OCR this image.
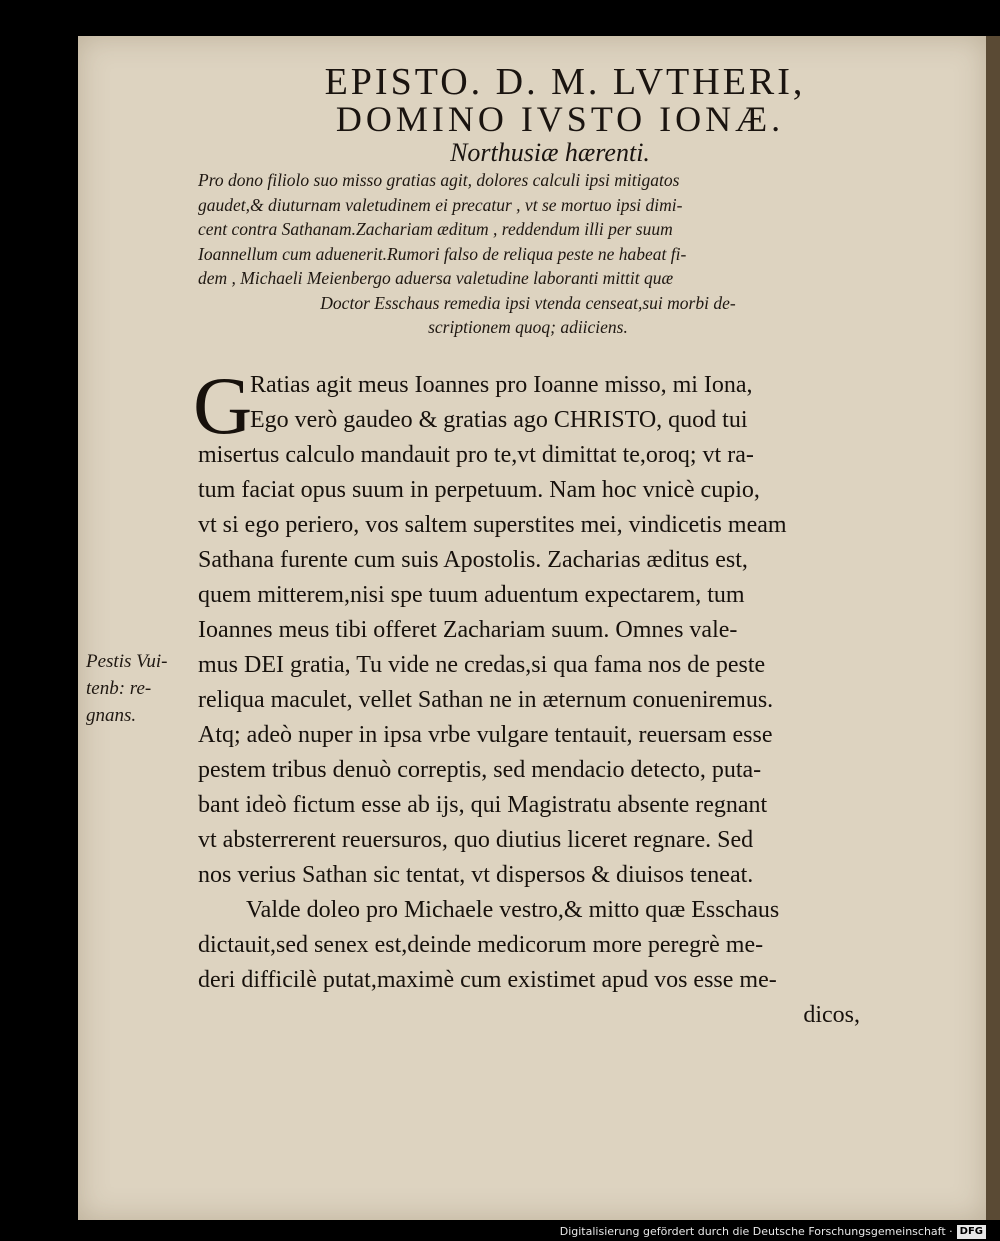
EPISTO. D. M. LVTHERI,
DOMINO IVSTO IONÆ.
Northusiæ hærenti.
Pro dono filiolo suo misso gratias agit, dolores calculi ipsi mitigatos
gaudet,& diuturnam valetudinem ei precatur , vt se mortuo ipsi dimi-
cent contra Sathanam.Zachariam æditum , reddendum illi per suum
Ioannellum cum aduenerit.Rumori falso de reliqua peste ne habeat fi-
dem , Michaeli Meienbergo aduersa valetudine laboranti mittit quæ
Doctor Esschaus remedia ipsi vtenda censeat,sui morbi de-
scriptionem quoq; adiiciens.
G
Ratias agit meus Ioannes pro Ioanne misso, mi Iona,
Ego verò gaudeo & gratias ago CHRISTO, quod tui
misertus calculo mandauit pro te,vt dimittat te,oroq; vt ra-
tum faciat opus suum in perpetuum. Nam hoc vnicè cupio,
vt si ego periero, vos saltem superstites mei, vindicetis meam
Sathana furente cum suis Apostolis. Zacharias æditus est,
quem mitterem,nisi spe tuum aduentum expectarem, tum
Ioannes meus tibi offeret Zachariam suum. Omnes vale-
mus DEI gratia, Tu vide ne credas,si qua fama nos de peste
reliqua maculet, vellet Sathan ne in æternum conueniremus.
Atq; adeò nuper in ipsa vrbe vulgare tentauit, reuersam esse
pestem tribus denuò correptis, sed mendacio detecto, puta-
bant ideò fictum esse ab ijs, qui Magistratu absente regnant
vt absterrerent reuersuros, quo diutius liceret regnare. Sed
nos verius Sathan sic tentat, vt dispersos & diuisos teneat.
Valde doleo pro Michaele vestro,& mitto quæ Esschaus
dictauit,sed senex est,deinde medicorum more peregrè me-
deri difficilè putat,maximè cum existimet apud vos esse me-
dicos,
Pestis Vui-
tenb: re-
gnans.
Digitalisierung gefördert durch die Deutsche Forschungsgemeinschaft · DFG
